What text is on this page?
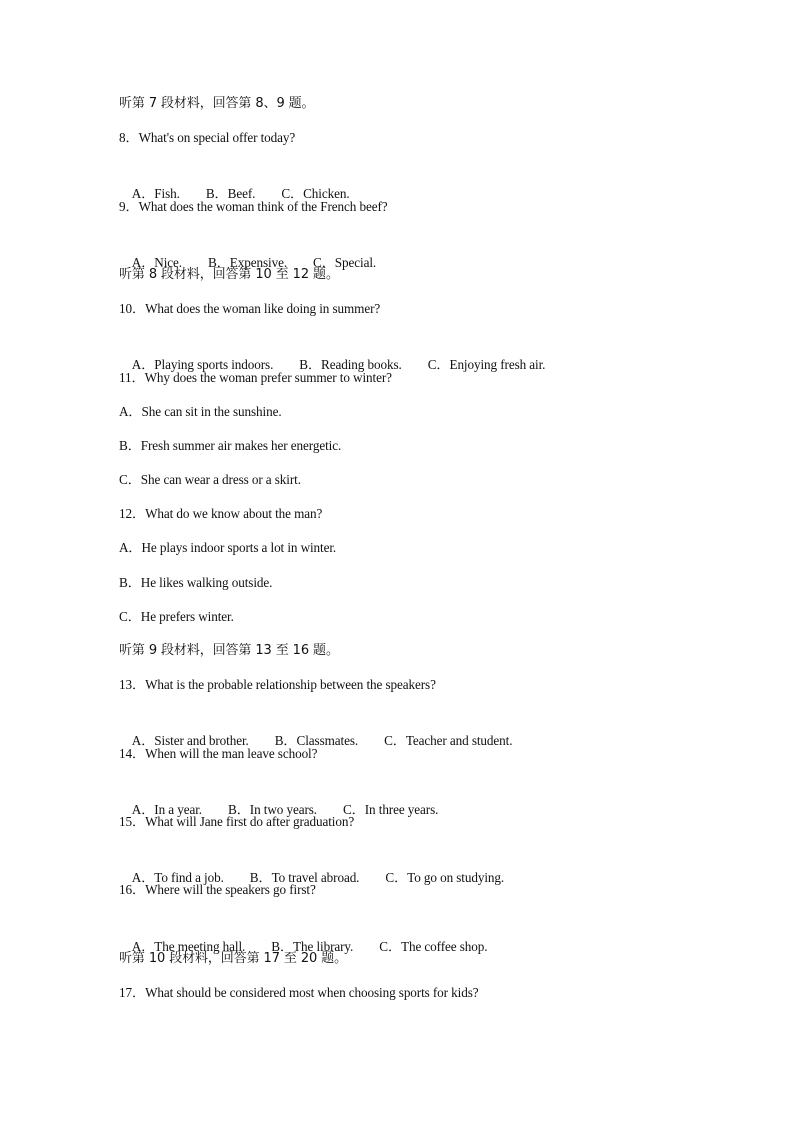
听第 7 段材料，回答第 8、9 题。
8．What's on special offer today?

A．Fish. B．Beef. C．Chicken.

9．What does the woman think of the French beef?

A．Nice. B．Expensive. C．Special.

听第 8 段材料，回答第 10 至 12 题。
10．What does the woman like doing in summer?

A．Playing sports indoors. B．Reading books. C．Enjoying fresh air.

11．Why does the woman prefer summer to winter?
A．She can sit in the sunshine.
B．Fresh summer air makes her energetic.
C．She can wear a dress or a skirt.
12．What do we know about the man?
A．He plays indoor sports a lot in winter.
B．He likes walking outside.
C．He prefers winter.
听第 9 段材料，回答第 13 至 16 题。
13．What is the probable relationship between the speakers?

A．Sister and brother. B．Classmates. C．Teacher and student.

14．When will the man leave school?

A．In a year. B．In two years. C．In three years.

15．What will Jane first do after graduation?

A．To find a job. B．To travel abroad. C．To go on studying.

16．Where will the speakers go first?

A．The meeting hall. B．The library. C．The coffee shop.

听第 10 段材料，回答第 17 至 20 题。
17．What should be considered most when choosing sports for kids?
